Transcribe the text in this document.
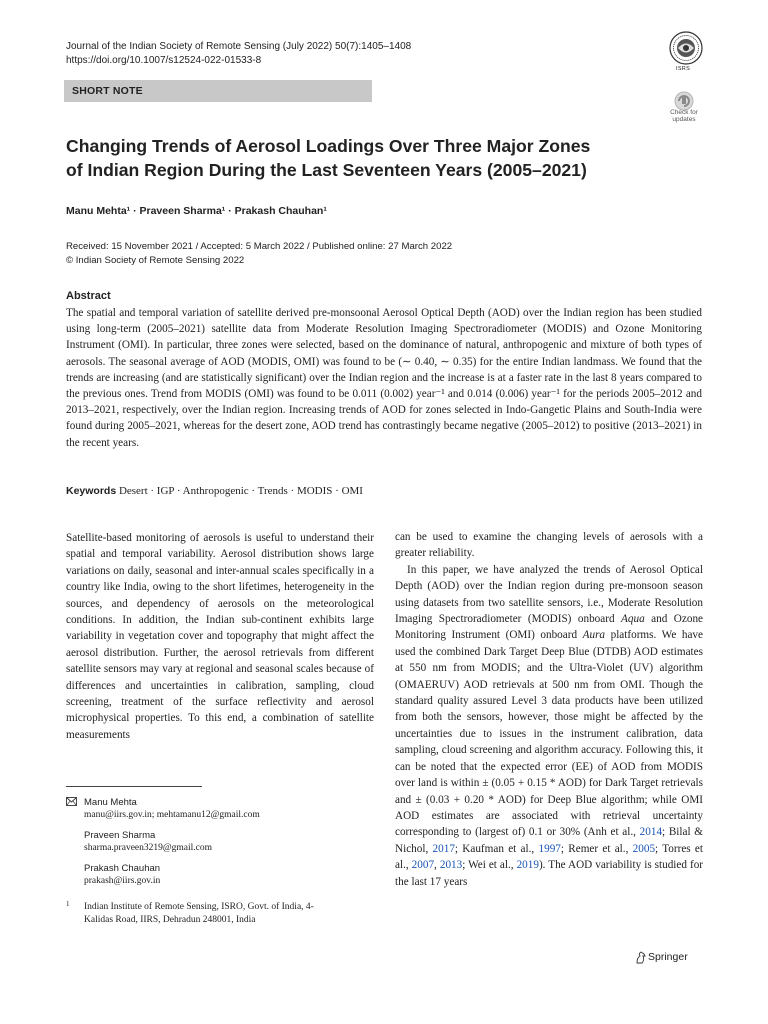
Journal of the Indian Society of Remote Sensing (July 2022) 50(7):1405–1408
https://doi.org/10.1007/s12524-022-01533-8
ISRS
SHORT NOTE
Check for updates
Changing Trends of Aerosol Loadings Over Three Major Zones
of Indian Region During the Last Seventeen Years (2005–2021)
Manu Mehta¹ · Praveen Sharma¹ · Prakash Chauhan¹
Received: 15 November 2021 / Accepted: 5 March 2022 / Published online: 27 March 2022
© Indian Society of Remote Sensing 2022
Abstract
The spatial and temporal variation of satellite derived pre-monsoonal Aerosol Optical Depth (AOD) over the Indian region has been studied using long-term (2005–2021) satellite data from Moderate Resolution Imaging Spectroradiometer (MODIS) and Ozone Monitoring Instrument (OMI). In particular, three zones were selected, based on the dominance of natural, anthropogenic and mixture of both types of aerosols. The seasonal average of AOD (MODIS, OMI) was found to be (∼ 0.40, ∼ 0.35) for the entire Indian landmass. We found that the trends are increasing (and are statistically significant) over the Indian region and the increase is at a faster rate in the last 8 years compared to the previous ones. Trend from MODIS (OMI) was found to be 0.011 (0.002) year⁻¹ and 0.014 (0.006) year⁻¹ for the periods 2005–2012 and 2013–2021, respectively, over the Indian region. Increasing trends of AOD for zones selected in Indo-Gangetic Plains and South-India were found during 2005–2021, whereas for the desert zone, AOD trend has contrastingly became negative (2005–2012) to positive (2013–2021) in the recent years.
Keywords Desert · IGP · Anthropogenic · Trends · MODIS · OMI
Satellite-based monitoring of aerosols is useful to understand their spatial and temporal variability. Aerosol distribution shows large variations on daily, seasonal and inter-annual scales specifically in a country like India, owing to the short lifetimes, heterogeneity in the sources, and dependency of aerosols on the meteorological conditions. In addition, the Indian sub-continent exhibits large variability in vegetation cover and topography that might affect the aerosol distribution. Further, the aerosol retrievals from different satellite sensors may vary at regional and seasonal scales because of differences and uncertainties in calibration, sampling, cloud screening, treatment of the surface reflectivity and aerosol microphysical properties. To this end, a combination of satellite measurements

can be used to examine the changing levels of aerosols with a greater reliability.

In this paper, we have analyzed the trends of Aerosol Optical Depth (AOD) over the Indian region during pre-monsoon season using datasets from two satellite sensors, i.e., Moderate Resolution Imaging Spectroradiometer (MODIS) onboard Aqua and Ozone Monitoring Instrument (OMI) onboard Aura platforms. We have used the combined Dark Target Deep Blue (DTDB) AOD estimates at 550 nm from MODIS; and the Ultra-Violet (UV) algorithm (OMAERUV) AOD retrievals at 500 nm from OMI. Though the standard quality assured Level 3 data products have been utilized from both the sensors, however, those might be affected by the uncertainties due to issues in the instrument calibration, data sampling, cloud screening and algorithm accuracy. Following this, it can be noted that the expected error (EE) of AOD from MODIS over land is within ± (0.05 + 0.15 * AOD) for Dark Target retrievals and ± (0.03 + 0.20 * AOD) for Deep Blue algorithm; while OMI AOD estimates are associated with retrieval uncertainty corresponding to (largest of) 0.1 or 30% (Anh et al., 2014; Bilal & Nichol, 2017; Kaufman et al., 1997; Remer et al., 2005; Torres et al., 2007, 2013; Wei et al., 2019). The AOD variability is studied for the last 17 years

Manu Mehta
manu@iirs.gov.in; mehtamanu12@gmail.com
Praveen Sharma
sharma.praveen3219@gmail.com
Prakash Chauhan
prakash@iirs.gov.in
1 Indian Institute of Remote Sensing, ISRO, Govt. of India, 4-
Kalidas Road, IIRS, Dehradun 248001, India
Springer
